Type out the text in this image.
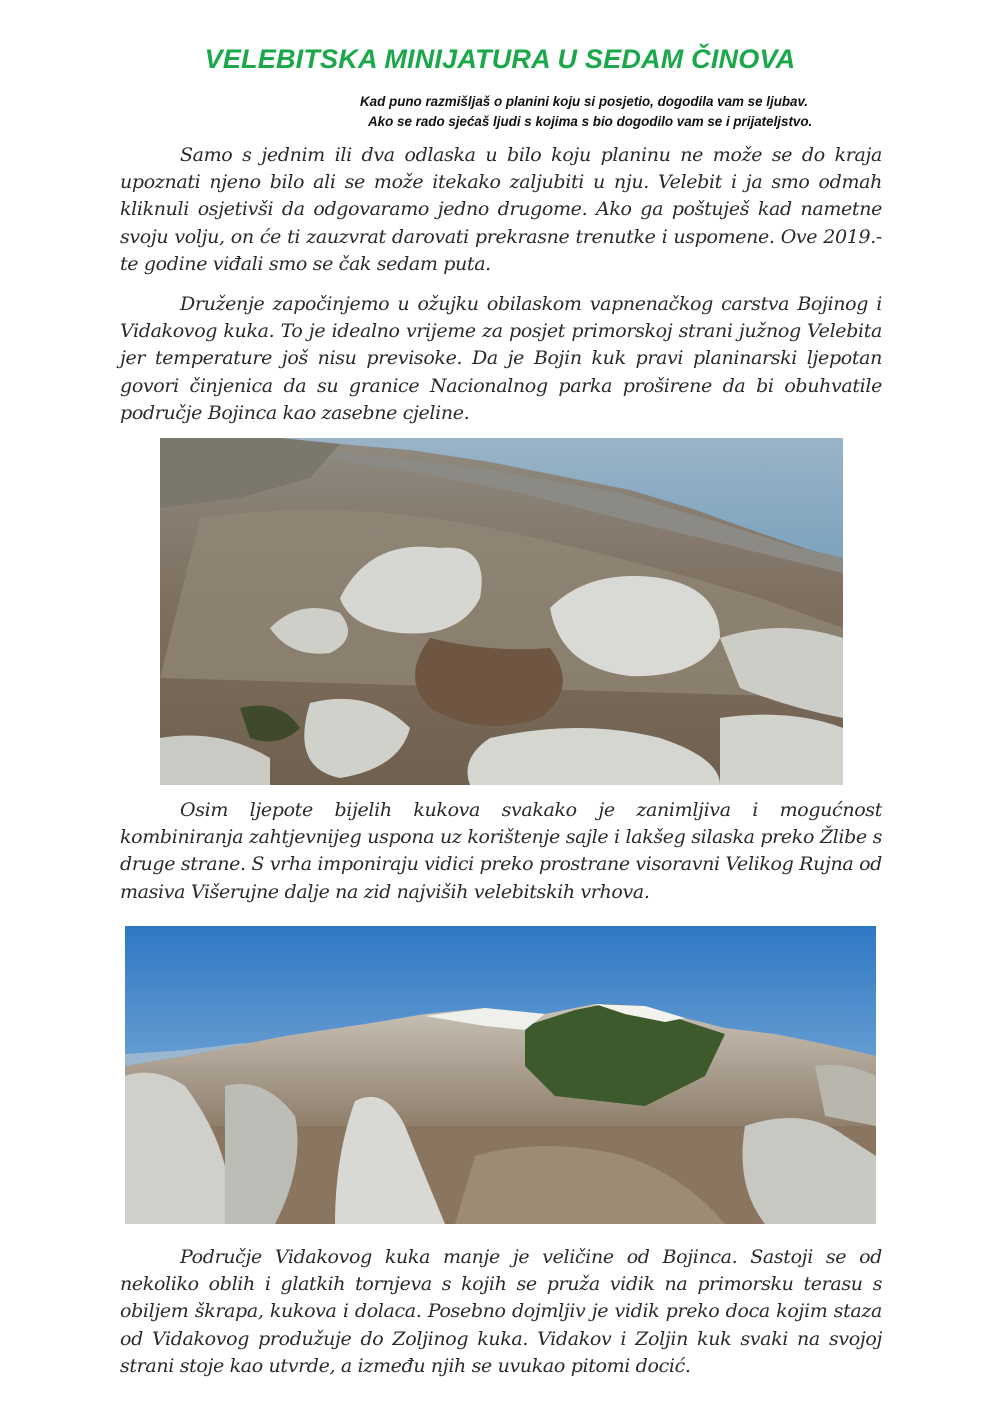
VELEBITSKA MINIJATURA U SEDAM ČINOVA
Kad puno razmišljaš o planini koju si posjetio, dogodila vam se ljubav.
Ako se rado sjećaš ljudi s kojima s bio dogodilo vam se i prijateljstvo.

Samo s jednim ili dva odlaska u bilo koju planinu ne može se do kraja upoznati njeno bilo ali se može itekako zaljubiti u nju. Velebit i ja smo odmah kliknuli osjetivši da odgovaramo jedno drugome. Ako ga poštuješ kad nametne svoju volju, on će ti zauzvrat darovati prekrasne trenutke i uspomene. Ove 2019.-te godine viđali smo se čak sedam puta.

Druženje započinjemo u ožujku obilaskom vapnenačkog carstva Bojinog i Vidakovog kuka. To je idealno vrijeme za posjet primorskoj strani južnog Velebita jer temperature još nisu previsoke. Da je Bojin kuk pravi planinarski ljepotan govori činjenica da su granice Nacionalnog parka proširene da bi obuhvatile područje Bojinca kao zasebne cjeline.

Osim ljepote bijelih kukova svakako je zanimljiva i mogućnost kombiniranja zahtjevnijeg uspona uz korištenje sajle i lakšeg silaska preko Žlibe s druge strane. S vrha imponiraju vidici preko prostrane visoravni Velikog Rujna od masiva Višerujne dalje na zid najviših velebitskih vrhova.

Područje Vidakovog kuka manje je veličine od Bojinca. Sastoji se od nekoliko oblih i glatkih tornjeva s kojih se pruža vidik na primorsku terasu s obiljem škrapa, kukova i dolaca. Posebno dojmljiv je vidik preko doca kojim staza od Vidakovog produžuje do Zoljinog kuka. Vidakov i Zoljin kuk svaki na svojoj strani stoje kao utvrde, a između njih se uvukao pitomi docić.
